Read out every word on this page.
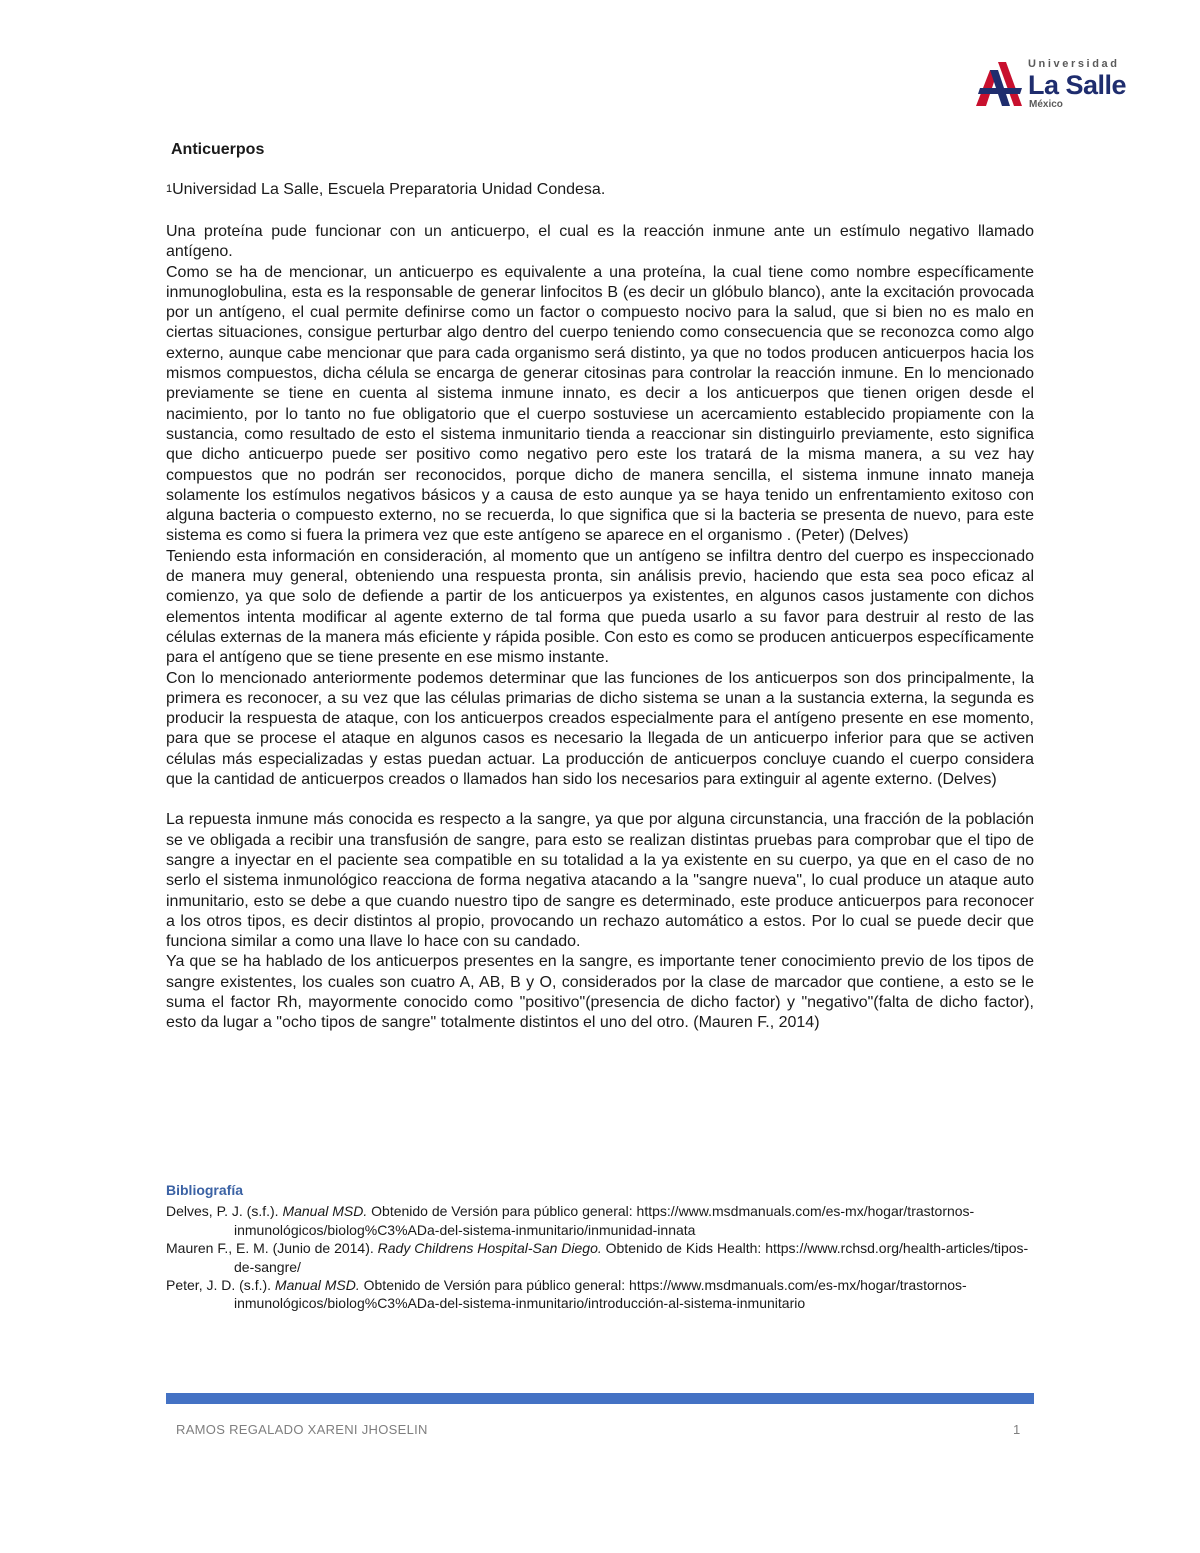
Universidad
La Salle
México
Anticuerpos
$^1$Universidad La Salle, Escuela Preparatoria Unidad Condesa.

Una proteína pude funcionar con un anticuerpo, el cual es la reacción inmune ante un estímulo negativo llamado antígeno.

Como se ha de mencionar, un anticuerpo es equivalente a una proteína, la cual tiene como nombre específicamente inmunoglobulina, esta es la responsable de generar linfocitos B (es decir un glóbulo blanco), ante la excitación provocada por un antígeno, el cual permite definirse como un factor o compuesto nocivo para la salud, que si bien no es malo en ciertas situaciones, consigue perturbar algo dentro del cuerpo teniendo como consecuencia que se reconozca como algo externo, aunque cabe mencionar que para cada organismo será distinto, ya que no todos producen anticuerpos hacia los mismos compuestos, dicha célula se encarga de generar citosinas para controlar la reacción inmune. En lo mencionado previamente se tiene en cuenta al sistema inmune innato, es decir a los anticuerpos que tienen origen desde el nacimiento, por lo tanto no fue obligatorio que el cuerpo sostuviese un acercamiento establecido propiamente con la sustancia, como resultado de esto el sistema inmunitario tienda a reaccionar sin distinguirlo previamente, esto significa que dicho anticuerpo puede ser positivo como negativo pero este los tratará de la misma manera, a su vez hay compuestos que no podrán ser reconocidos, porque dicho de manera sencilla, el sistema inmune innato maneja solamente los estímulos negativos básicos y a causa de esto aunque ya se haya tenido un enfrentamiento exitoso con alguna bacteria o compuesto externo, no se recuerda, lo que significa que si la bacteria se presenta de nuevo, para este sistema es como si fuera la primera vez que este antígeno se aparece en el organismo . (Peter) (Delves)

Teniendo esta información en consideración, al momento que un antígeno se infiltra dentro del cuerpo es inspeccionado de manera muy general, obteniendo una respuesta pronta, sin análisis previo, haciendo que esta sea poco eficaz al comienzo, ya que solo de defiende a partir de los anticuerpos ya existentes, en algunos casos justamente con dichos elementos intenta modificar al agente externo de tal forma que pueda usarlo a su favor para destruir al resto de las células externas de la manera más eficiente y rápida posible. Con esto es como se producen anticuerpos específicamente para el antígeno que se tiene presente en ese mismo instante.

Con lo mencionado anteriormente podemos determinar que las funciones de los anticuerpos son dos principalmente, la primera es reconocer, a su vez que las células primarias de dicho sistema se unan a la sustancia externa, la segunda es producir la respuesta de ataque, con los anticuerpos creados especialmente para el antígeno presente en ese momento, para que se procese el ataque en algunos casos es necesario la llegada de un anticuerpo inferior para que se activen células más especializadas y estas puedan actuar. La producción de anticuerpos concluye cuando el cuerpo considera que la cantidad de anticuerpos creados o llamados han sido los necesarios para extinguir al agente externo. (Delves)

La repuesta inmune más conocida es respecto a la sangre, ya que por alguna circunstancia, una fracción de la población se ve obligada a recibir una transfusión de sangre, para esto se realizan distintas pruebas para comprobar que el tipo de sangre a inyectar en el paciente sea compatible en su totalidad a la ya existente en su cuerpo, ya que en el caso de no serlo el sistema inmunológico reacciona de forma negativa atacando a la "sangre nueva", lo cual produce un ataque auto inmunitario, esto se debe a que cuando nuestro tipo de sangre es determinado, este produce anticuerpos para reconocer a los otros tipos, es decir distintos al propio, provocando un rechazo automático a estos. Por lo cual se puede decir que funciona similar a como una llave lo hace con su candado.

Ya que se ha hablado de los anticuerpos presentes en la sangre, es importante tener conocimiento previo de los tipos de sangre existentes, los cuales son cuatro A, AB, B y O, considerados por la clase de marcador que contiene, a esto se le suma el factor Rh, mayormente conocido como "positivo"(presencia de dicho factor) y "negativo"(falta de dicho factor), esto da lugar a "ocho tipos de sangre" totalmente distintos el uno del otro. (Mauren F., 2014)

Bibliografía

Delves, P. J. (s.f.). Manual MSD. Obtenido de Versión para público general: https://www.msdmanuals.com/es-mx/hogar/trastornos-inmunológicos/biolog%C3%ADa-del-sistema-inmunitario/inmunidad-innata

Mauren F., E. M. (Junio de 2014). Rady Childrens Hospital-San Diego. Obtenido de Kids Health: https://www.rchsd.org/health-articles/tipos-de-sangre/

Peter, J. D. (s.f.). Manual MSD. Obtenido de Versión para público general: https://www.msdmanuals.com/es-mx/hogar/trastornos-inmunológicos/biolog%C3%ADa-del-sistema-inmunitario/introducción-al-sistema-inmunitario

RAMOS REGALADO XARENI JHOSELIN	1
